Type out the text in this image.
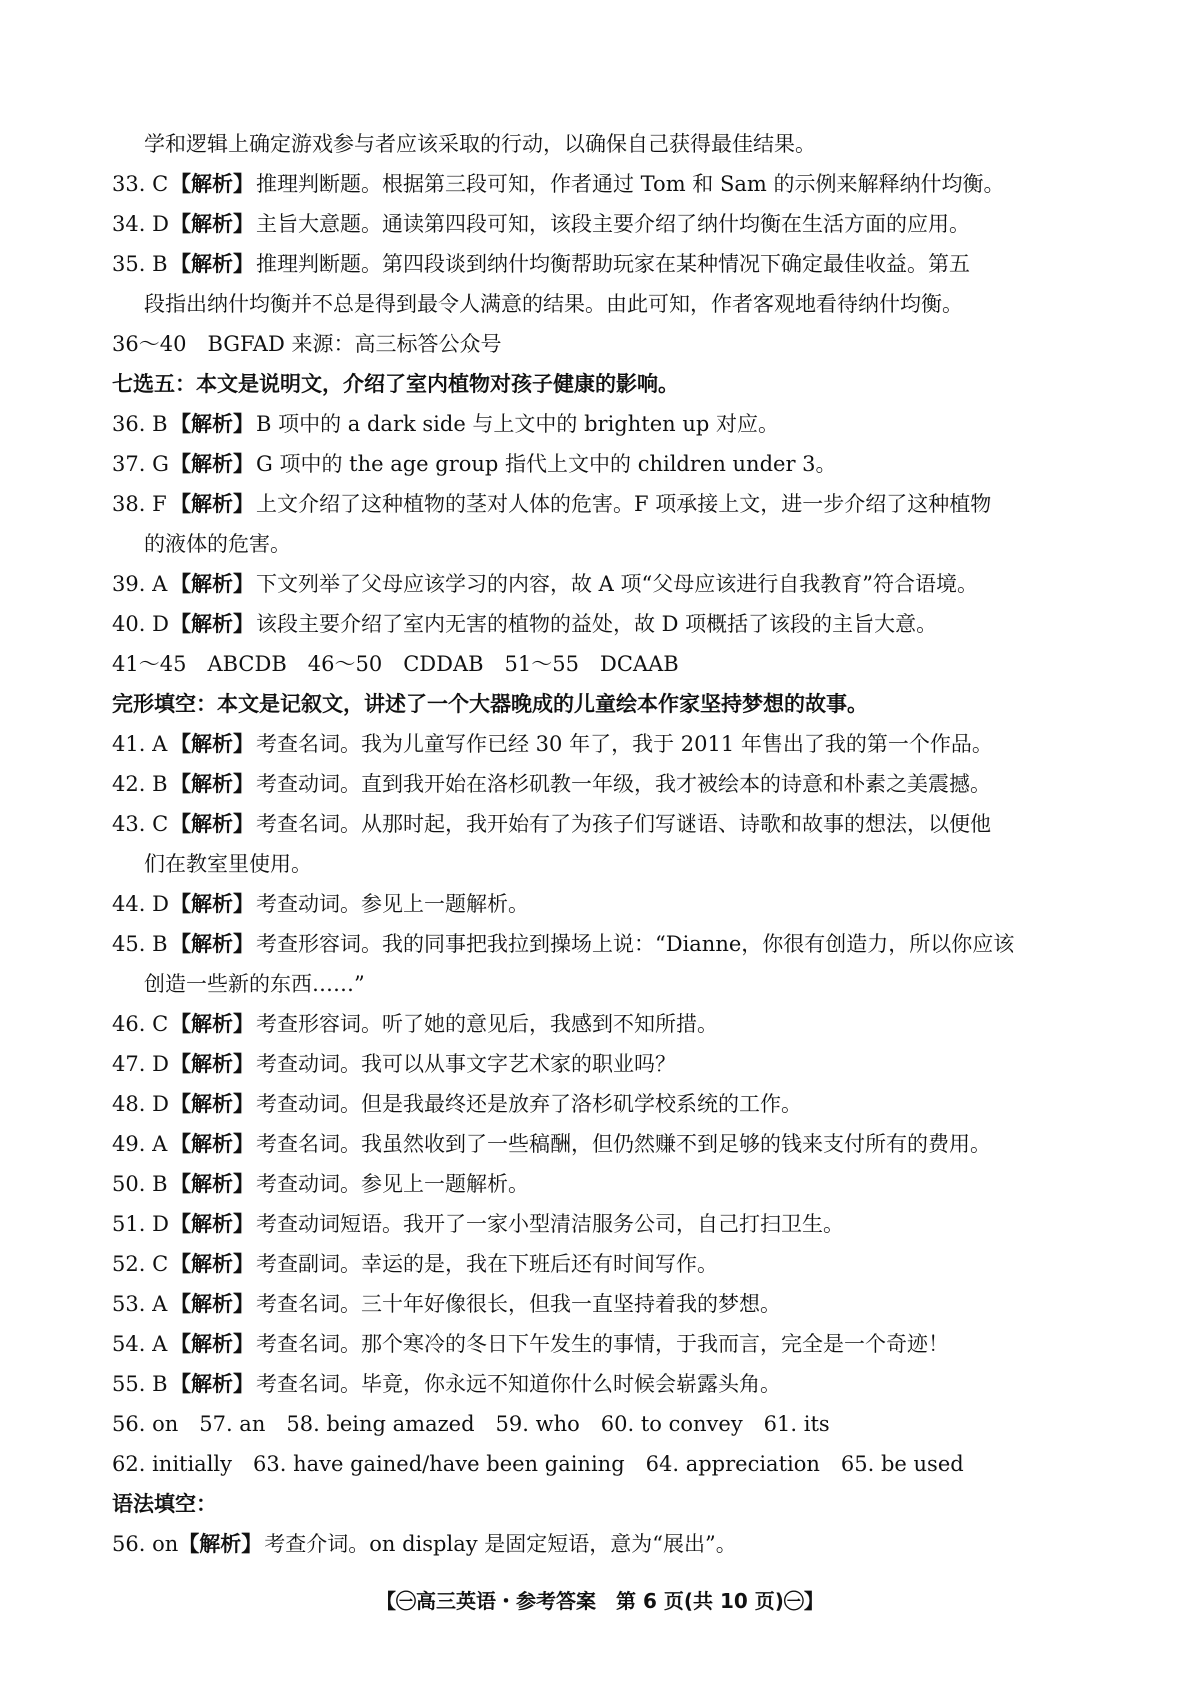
学和逻辑上确定游戏参与者应该采取的行动，以确保自己获得最佳结果。
33. C【解析】推理判断题。根据第三段可知，作者通过 Tom 和 Sam 的示例来解释纳什均衡。
34. D【解析】主旨大意题。通读第四段可知，该段主要介绍了纳什均衡在生活方面的应用。
35. B 【解析】推理判断题。第四段谈到纳什均衡帮助玩家在某种情况下确定最佳收益。第五
段指出纳什均衡并不总是得到最令人满意的结果。由此可知，作者客观地看待纳什均衡。
36～40　BGFAD 来源：高三标答公众号
七选五：本文是说明文，介绍了室内植物对孩子健康的影响。
36. B 【解析】B 项中的 a dark side 与上文中的 brighten up 对应。
37. G【解析】G 项中的 the age group 指代上文中的 children under 3。
38. F 【解析】上文介绍了这种植物的茎对人体的危害。F 项承接上文，进一步介绍了这种植物
的液体的危害。
39. A 【解析】下文列举了父母应该学习的内容，故 A 项“父母应该进行自我教育”符合语境。
40. D【解析】该段主要介绍了室内无害的植物的益处，故 D 项概括了该段的主旨大意。
41～45　ABCDB　46～50　CDDAB　51～55　DCAAB
完形填空：本文是记叙文，讲述了一个大器晚成的儿童绘本作家坚持梦想的故事。
41. A 【解析】考查名词。我为儿童写作已经 30 年了，我于 2011 年售出了我的第一个作品。
42. B 【解析】考查动词。直到我开始在洛杉矶教一年级，我才被绘本的诗意和朴素之美震撼。
43. C【解析】考查名词。从那时起，我开始有了为孩子们写谜语、诗歌和故事的想法，以便他
们在教室里使用。
44. D【解析】考查动词。参见上一题解析。
45. B 【解析】考查形容词。我的同事把我拉到操场上说：“Dianne，你很有创造力，所以你应该
创造一些新的东西……”
46. C【解析】考查形容词。听了她的意见后，我感到不知所措。
47. D【解析】考查动词。我可以从事文字艺术家的职业吗？
48. D【解析】考查动词。但是我最终还是放弃了洛杉矶学校系统的工作。
49. A 【解析】考查名词。我虽然收到了一些稿酬，但仍然赚不到足够的钱来支付所有的费用。
50. B 【解析】考查动词。参见上一题解析。
51. D【解析】考查动词短语。我开了一家小型清洁服务公司，自己打扫卫生。
52. C【解析】考查副词。幸运的是，我在下班后还有时间写作。
53. A 【解析】考查名词。三十年好像很长，但我一直坚持着我的梦想。
54. A 【解析】考查名词。那个寒冷的冬日下午发生的事情，于我而言，完全是一个奇迹！
55. B 【解析】考查名词。毕竟，你永远不知道你什么时候会崭露头角。
56. on　57. an　58. being amazed　59. who　60. to convey　61. its
62. initially　63. have gained/have been gaining　64. appreciation　65. be used
语法填空：
56. on【解析】考查介词。on display 是固定短语，意为“展出”。
【㊀高三英语・参考答案　第 6 页(共 10 页)㊀】
